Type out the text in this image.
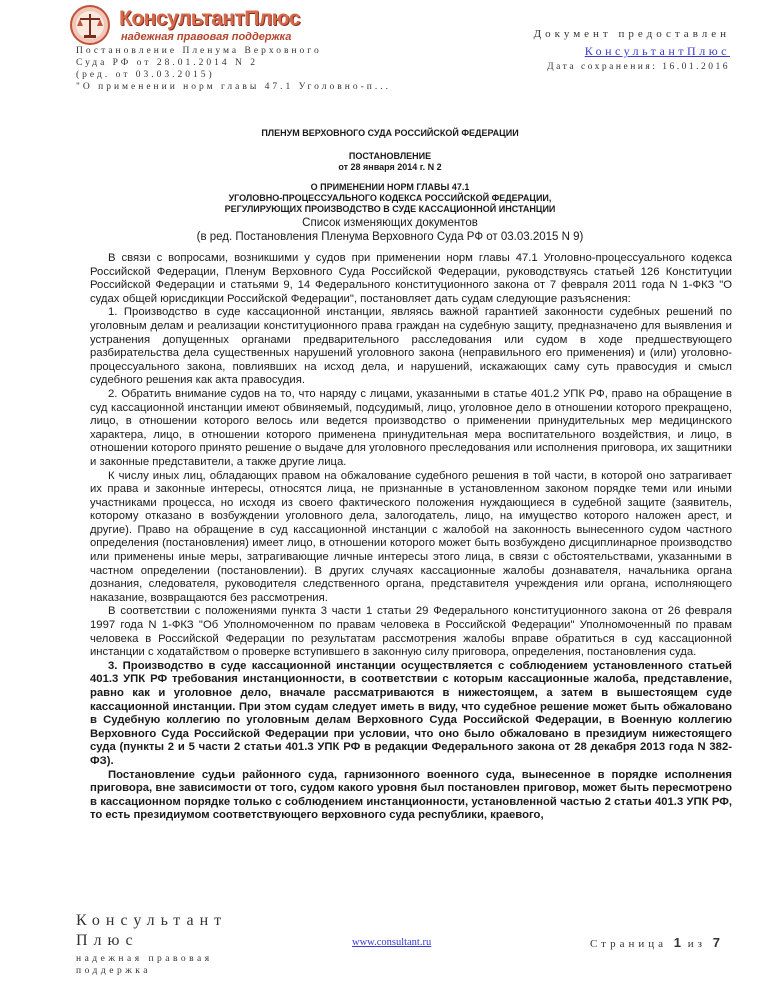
КонсультантПлюс
надежная правовая поддержка
Постановление Пленума Верховного
Суда РФ от 28.01.2014 N 2
(ред. от 03.03.2015)
"О применении норм главы 47.1 Уголовно-п...
Документ предоставлен
КонсультантПлюс
Дата сохранения: 16.01.2016
ПЛЕНУМ ВЕРХОВНОГО СУДА РОССИЙСКОЙ ФЕДЕРАЦИИ
ПОСТАНОВЛЕНИЕ
от 28 января 2014 г. N 2
О ПРИМЕНЕНИИ НОРМ ГЛАВЫ 47.1
УГОЛОВНО-ПРОЦЕССУАЛЬНОГО КОДЕКСА РОССИЙСКОЙ ФЕДЕРАЦИИ,
РЕГУЛИРУЮЩИХ ПРОИЗВОДСТВО В СУДЕ КАССАЦИОННОЙ ИНСТАНЦИИ
Список изменяющих документов
(в ред. Постановления Пленума Верховного Суда РФ от 03.03.2015 N 9)

В связи с вопросами, возникшими у судов при применении норм главы 47.1 Уголовно-процессуального кодекса Российской Федерации, Пленум Верховного Суда Российской Федерации, руководствуясь статьей 126 Конституции Российской Федерации и статьями 9, 14 Федерального конституционного закона от 7 февраля 2011 года N 1-ФКЗ "О судах общей юрисдикции Российской Федерации", постановляет дать судам следующие разъяснения:

1. Производство в суде кассационной инстанции, являясь важной гарантией законности судебных решений по уголовным делам и реализации конституционного права граждан на судебную защиту, предназначено для выявления и устранения допущенных органами предварительного расследования или судом в ходе предшествующего разбирательства дела существенных нарушений уголовного закона (неправильного его применения) и (или) уголовно-процессуального закона, повлиявших на исход дела, и нарушений, искажающих саму суть правосудия и смысл судебного решения как акта правосудия.

2. Обратить внимание судов на то, что наряду с лицами, указанными в статье 401.2 УПК РФ, право на обращение в суд кассационной инстанции имеют обвиняемый, подсудимый, лицо, уголовное дело в отношении которого прекращено, лицо, в отношении которого велось или ведется производство о применении принудительных мер медицинского характера, лицо, в отношении которого применена принудительная мера воспитательного воздействия, и лицо, в отношении которого принято решение о выдаче для уголовного преследования или исполнения приговора, их защитники и законные представители, а также другие лица.

К числу иных лиц, обладающих правом на обжалование судебного решения в той части, в которой оно затрагивает их права и законные интересы, относятся лица, не признанные в установленном законом порядке теми или иными участниками процесса, но исходя из своего фактического положения нуждающиеся в судебной защите (заявитель, которому отказано в возбуждении уголовного дела, залогодатель, лицо, на имущество которого наложен арест, и другие). Право на обращение в суд кассационной инстанции с жалобой на законность вынесенного судом частного определения (постановления) имеет лицо, в отношении которого может быть возбуждено дисциплинарное производство или применены иные меры, затрагивающие личные интересы этого лица, в связи с обстоятельствами, указанными в частном определении (постановлении). В других случаях кассационные жалобы дознавателя, начальника органа дознания, следователя, руководителя следственного органа, представителя учреждения или органа, исполняющего наказание, возвращаются без рассмотрения.

В соответствии с положениями пункта 3 части 1 статьи 29 Федерального конституционного закона от 26 февраля 1997 года N 1-ФКЗ "Об Уполномоченном по правам человека в Российской Федерации" Уполномоченный по правам человека в Российской Федерации по результатам рассмотрения жалобы вправе обратиться в суд кассационной инстанции с ходатайством о проверке вступившего в законную силу приговора, определения, постановления суда.

3. Производство в суде кассационной инстанции осуществляется с соблюдением установленного статьей 401.3 УПК РФ требования инстанционности, в соответствии с которым кассационные жалоба, представление, равно как и уголовное дело, вначале рассматриваются в нижестоящем, а затем в вышестоящем суде кассационной инстанции. При этом судам следует иметь в виду, что судебное решение может быть обжаловано в Судебную коллегию по уголовным делам Верховного Суда Российской Федерации, в Военную коллегию Верховного Суда Российской Федерации при условии, что оно было обжаловано в президиум нижестоящего суда (пункты 2 и 5 части 2 статьи 401.3 УПК РФ в редакции Федерального закона от 28 декабря 2013 года N 382-ФЗ).

Постановление судьи районного суда, гарнизонного военного суда, вынесенное в порядке исполнения приговора, вне зависимости от того, судом какого уровня был постановлен приговор, может быть пересмотрено в кассационном порядке только с соблюдением инстанционности, установленной частью 2 статьи 401.3 УПК РФ, то есть президиумом соответствующего верховного суда республики, краевого,

Консультант
Плюс
надежная правовая
поддержка
www.consultant.ru	Страница 1 из 7
